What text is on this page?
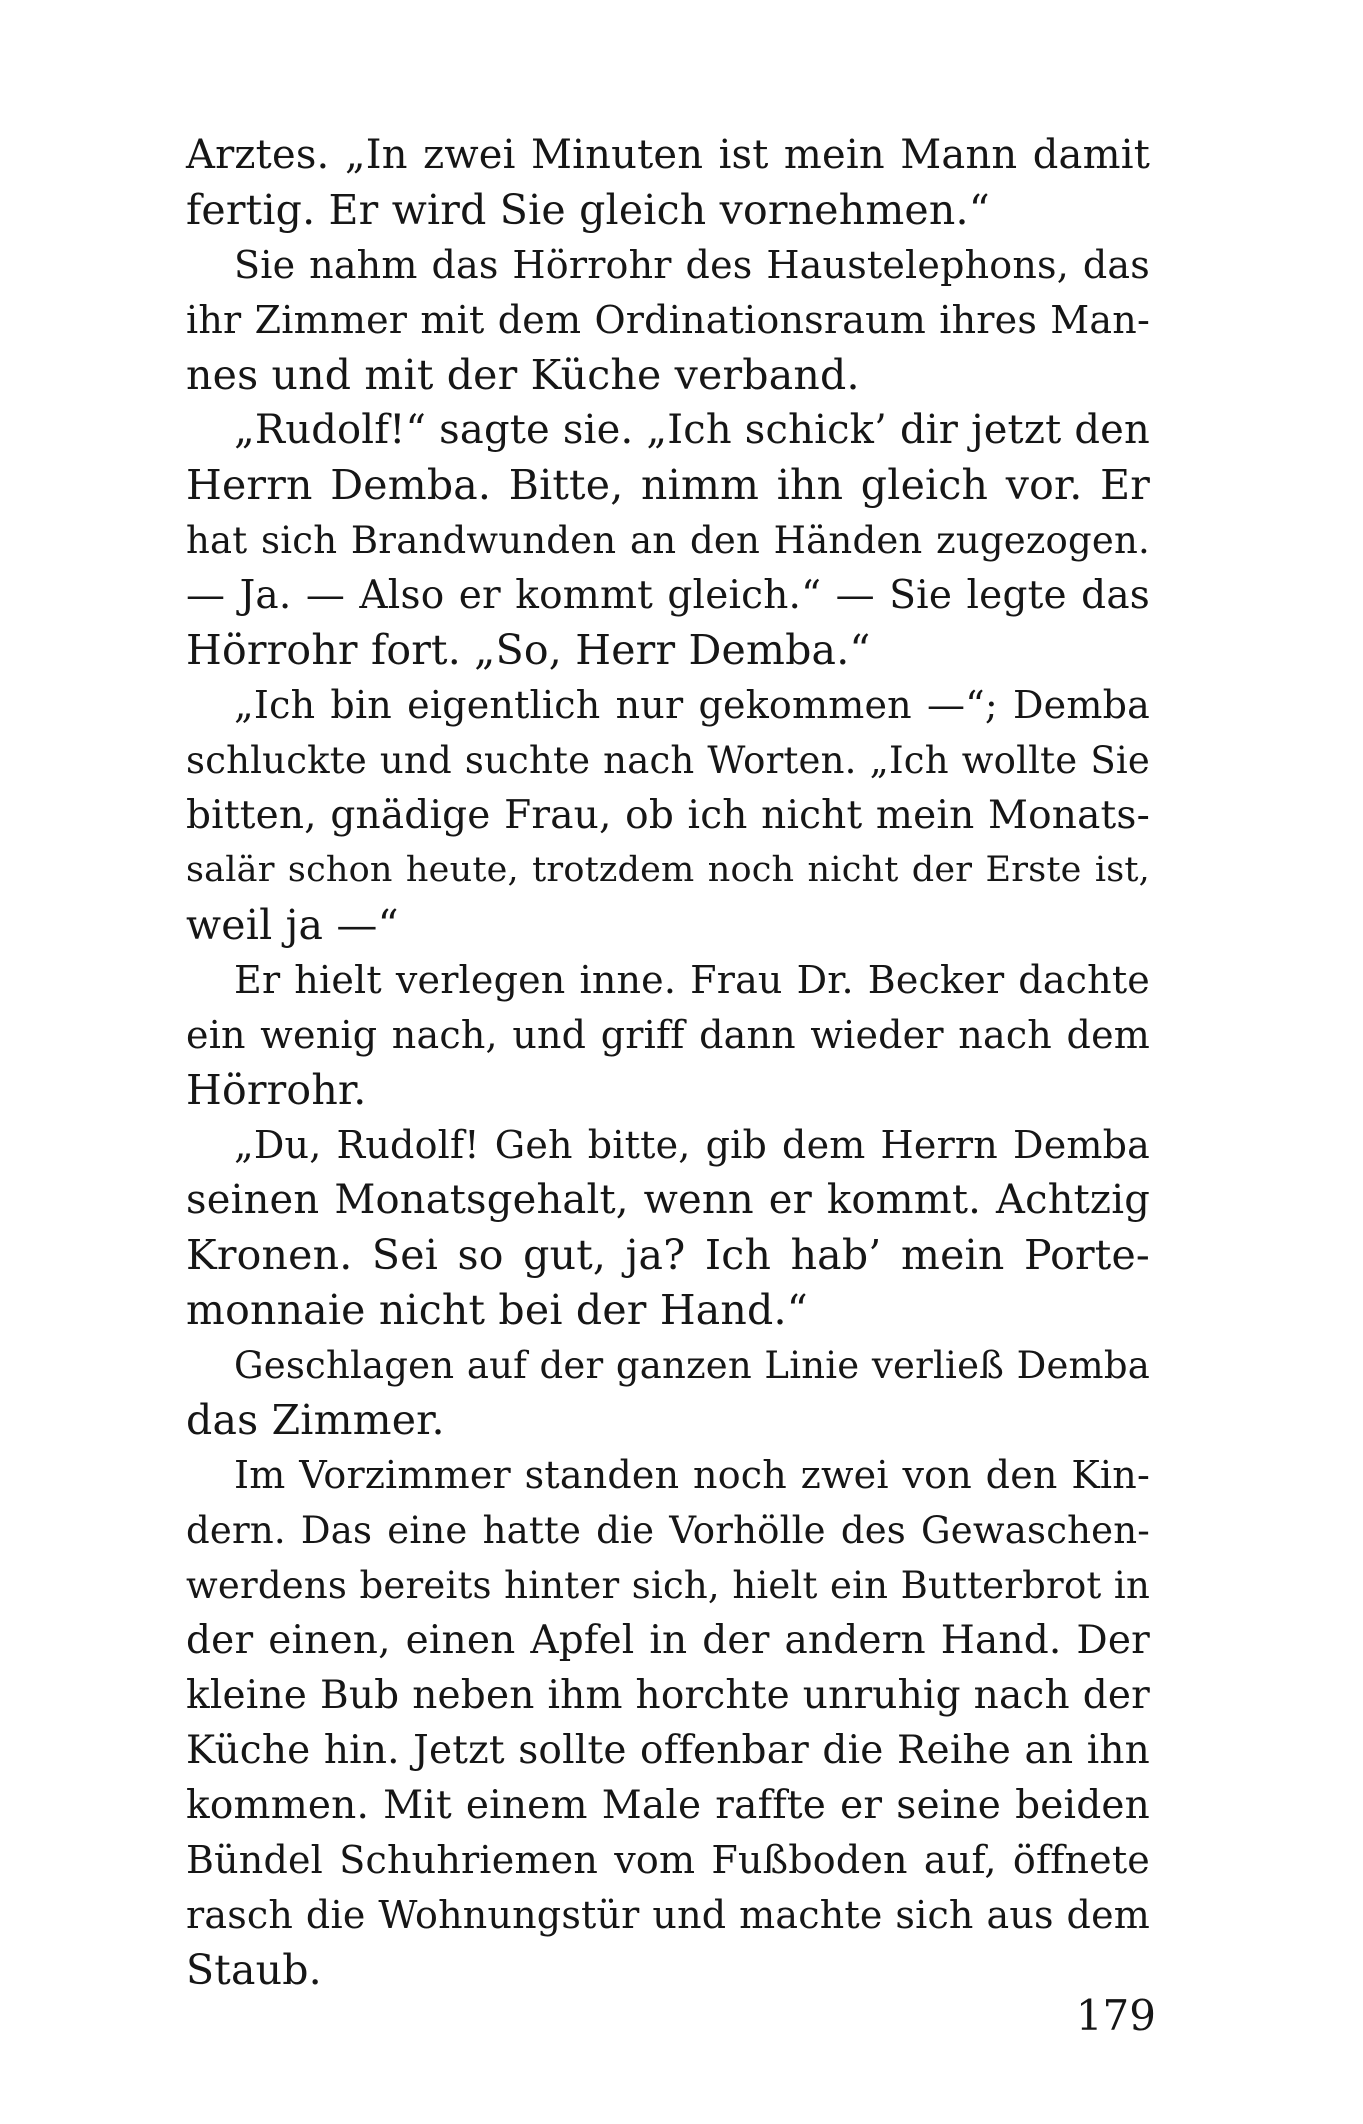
Arztes. „In zwei Minuten ist mein Mann damit
fertig. Er wird Sie gleich vornehmen.“
Sie nahm das Hörrohr des Haustelephons, das
ihr Zimmer mit dem Ordinationsraum ihres Man-
nes und mit der Küche verband.
„Rudolf!“ sagte sie. „Ich schick’ dir jetzt den
Herrn Demba. Bitte, nimm ihn gleich vor. Er
hat sich Brandwunden an den Händen zugezogen.
— Ja. — Also er kommt gleich.“ — Sie legte das
Hörrohr fort. „So, Herr Demba.“
„Ich bin eigentlich nur gekommen —“; Demba
schluckte und suchte nach Worten. „Ich wollte Sie
bitten, gnädige Frau, ob ich nicht mein Monats-
salär schon heute, trotzdem noch nicht der Erste ist,
weil ja —“
Er hielt verlegen inne. Frau Dr. Becker dachte
ein wenig nach, und griff dann wieder nach dem
Hörrohr.
„Du, Rudolf! Geh bitte, gib dem Herrn Demba
seinen Monatsgehalt, wenn er kommt. Achtzig
Kronen. Sei so gut, ja? Ich hab’ mein Porte-
monnaie nicht bei der Hand.“
Geschlagen auf der ganzen Linie verließ Demba
das Zimmer.
Im Vorzimmer standen noch zwei von den Kin-
dern. Das eine hatte die Vorhölle des Gewaschen-
werdens bereits hinter sich, hielt ein Butterbrot in
der einen, einen Apfel in der andern Hand. Der
kleine Bub neben ihm horchte unruhig nach der
Küche hin. Jetzt sollte offenbar die Reihe an ihn
kommen. Mit einem Male raffte er seine beiden
Bündel Schuhriemen vom Fußboden auf, öffnete
rasch die Wohnungstür und machte sich aus dem
Staub.
179
